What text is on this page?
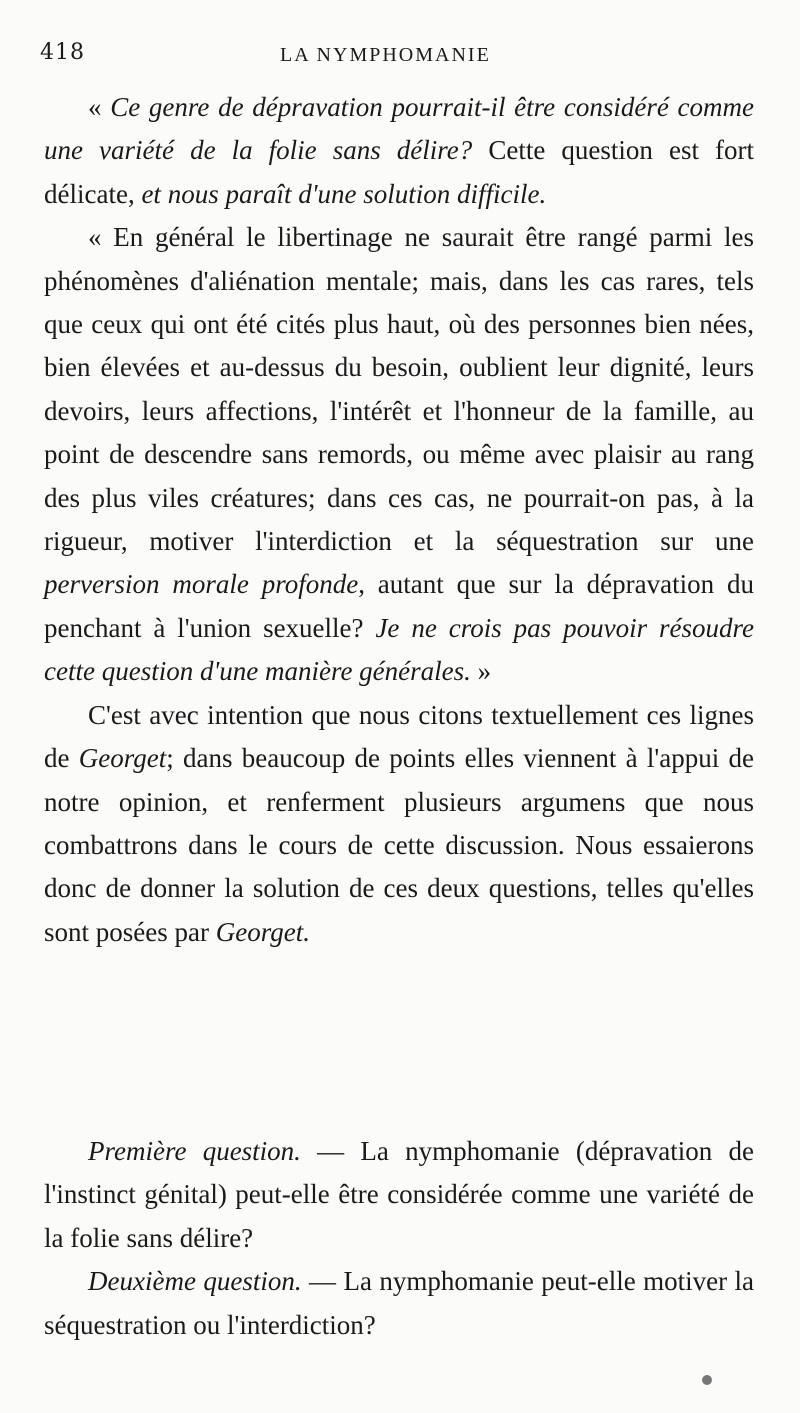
418	LA NYMPHOMANIE

« Ce genre de dépravation pourrait-il être considéré comme une variété de la folie sans délire? Cette question est fort délicate, et nous paraît d'une solution difficile.

« En général le libertinage ne saurait être rangé parmi les phénomènes d'aliénation mentale; mais, dans les cas rares, tels que ceux qui ont été cités plus haut, où des personnes bien nées, bien élevées et au-dessus du besoin, oublient leur dignité, leurs devoirs, leurs affections, l'intérêt et l'honneur de la famille, au point de descendre sans remords, ou même avec plaisir au rang des plus viles créatures; dans ces cas, ne pourrait-on pas, à la rigueur, motiver l'interdiction et la séquestration sur une perversion morale profonde, autant que sur la dépravation du penchant à l'union sexuelle? Je ne crois pas pouvoir résoudre cette question d'une manière générales. »

C'est avec intention que nous citons textuellement ces lignes de Georget; dans beaucoup de points elles viennent à l'appui de notre opinion, et renferment plusieurs argumens que nous combattrons dans le cours de cette discussion. Nous essaierons donc de donner la solution de ces deux questions, telles qu'elles sont posées par Georget.

Première question. — La nymphomanie (dépravation de l'instinct génital) peut-elle être considérée comme une variété de la folie sans délire?

Deuxième question. — La nymphomanie peut-elle motiver la séquestration ou l'interdiction?
